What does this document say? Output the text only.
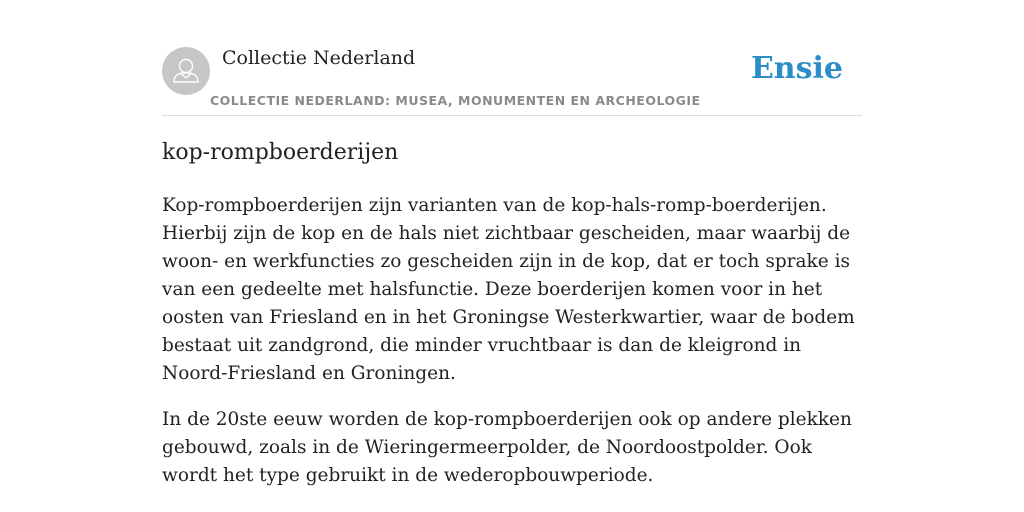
Collectie Nederland
COLLECTIE NEDERLAND: MUSEA, MONUMENTEN EN ARCHEOLOGIE
Ensie
kop-rompboerderijen

Kop-rompboerderijen zijn varianten van de kop-hals-romp-boerderijen. Hierbij zijn de kop en de hals niet zichtbaar gescheiden, maar waarbij de woon- en werkfuncties zo gescheiden zijn in de kop, dat er toch sprake is van een gedeelte met halsfunctie. Deze boerderijen komen voor in het oosten van Friesland en in het Groningse Westerkwartier, waar de bodem bestaat uit zandgrond, die minder vruchtbaar is dan de kleigrond in Noord-Friesland en Groningen.

In de 20ste eeuw worden de kop-rompboerderijen ook op andere plekken gebouwd, zoals in de Wieringermeerpolder, de Noordoostpolder. Ook wordt het type gebruikt in de wederopbouwperiode.
